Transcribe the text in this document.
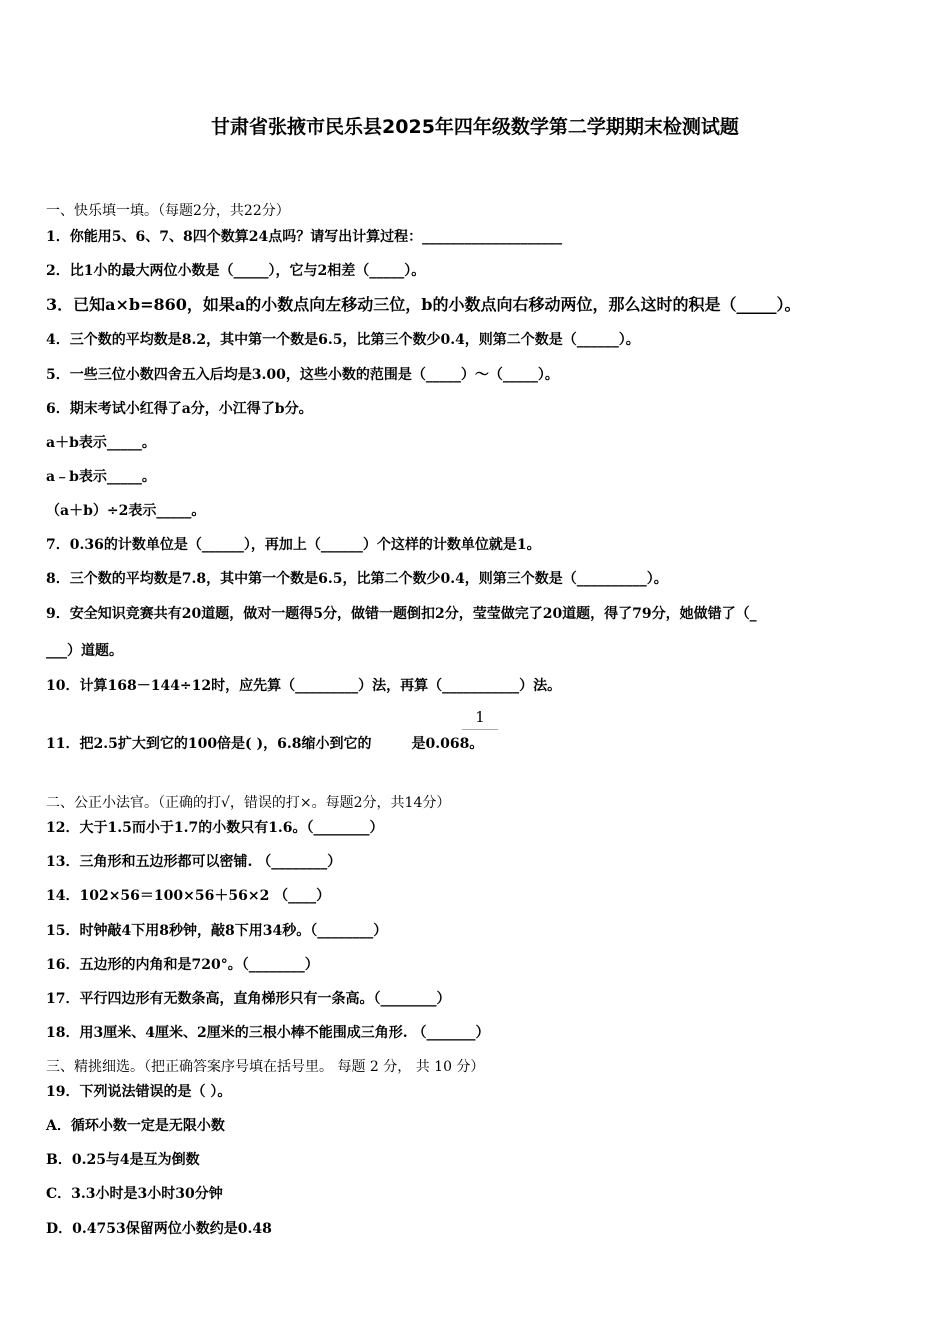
甘肃省张掖市民乐县2025年四年级数学第二学期期末检测试题
一、快乐填一填。（每题2分，共22分）
1．你能用5、6、7、8四个数算24点吗？请写出计算过程：____________________
2．比1小的最大两位小数是（_____），它与2相差（_____）。
3．已知a×b=860，如果a的小数点向左移动三位，b的小数点向右移动两位，那么这时的积是（_____）。
4．三个数的平均数是8.2，其中第一个数是6.5，比第三个数少0.4，则第二个数是（______）。
5．一些三位小数四舍五入后均是3.00，这些小数的范围是（_____）～（_____）。
6．期末考试小红得了a分，小江得了b分。
a＋b表示_____。
a﹣b表示_____。
（a＋b）÷2表示_____。
7．0.36的计数单位是（______），再加上（______）个这样的计数单位就是1。
8．三个数的平均数是7.8，其中第一个数是6.5，比第二个数少0.4，则第三个数是（__________）。
9．安全知识竞赛共有20道题，做对一题得5分，做错一题倒扣2分，莹莹做完了20道题，得了79分，她做错了（_
___）道题。
10．计算168－144÷12时，应先算（_________）法，再算（___________）法。
11．把2.5扩大到它的100倍是( )，6.8缩小到它的	是0.068。
1
二、公正小法官。（正确的打√，错误的打×。每题2分，共14分）
12．大于1.5而小于1.7的小数只有1.6。（________）
13．三角形和五边形都可以密铺. （________）
14．102×56＝100×56＋56×2 （____）
15．时钟敲4下用8秒钟，敲8下用34秒。（________）
16．五边形的内角和是720°。（________）
17．平行四边形有无数条高，直角梯形只有一条高。（________）
18．用3厘米、4厘米、2厘米的三根小棒不能围成三角形. （_______）
三、精挑细选。（把正确答案序号填在括号里。 每题 2 分， 共 10 分）
19．下列说法错误的是（ ）。
A．循环小数一定是无限小数
B．0.25与4是互为倒数
C．3.3小时是3小时30分钟
D．0.4753保留两位小数约是0.48
